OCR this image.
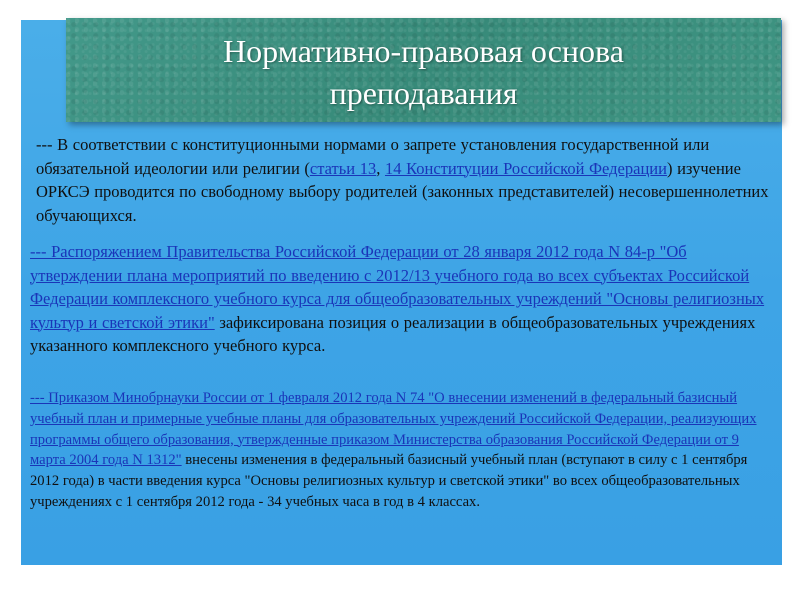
Нормативно-правовая основа
преподавания
--- В соответствии с конституционными нормами о запрете установления государственной или обязательной идеологии или религии (статьи 13, 14 Конституции Российской Федерации) изучение ОРКСЭ проводится по свободному выбору родителей (законных представителей) несовершеннолетних обучающихся.
--- Распоряжением Правительства Российской Федерации от 28 января 2012 года N 84-р "Об утверждении плана мероприятий по введению с 2012/13 учебного года во всех субъектах Российской Федерации комплексного учебного курса для общеобразовательных учреждений "Основы религиозных культур и светской этики" зафиксирована позиция о реализации в общеобразовательных учреждениях указанного комплексного учебного курса.
--- Приказом Минобрнауки России от 1 февраля 2012 года N 74 "О внесении изменений в федеральный базисный учебный план и примерные учебные планы для образовательных учреждений Российской Федерации, реализующих программы общего образования, утвержденные приказом Министерства образования Российской Федерации от 9 марта 2004 года N 1312" внесены изменения в федеральный базисный учебный план (вступают в силу с 1 сентября 2012 года) в части введения курса "Основы религиозных культур и светской этики" во всех общеобразовательных учреждениях с 1 сентября 2012 года - 34 учебных часа в год в 4 классах.
